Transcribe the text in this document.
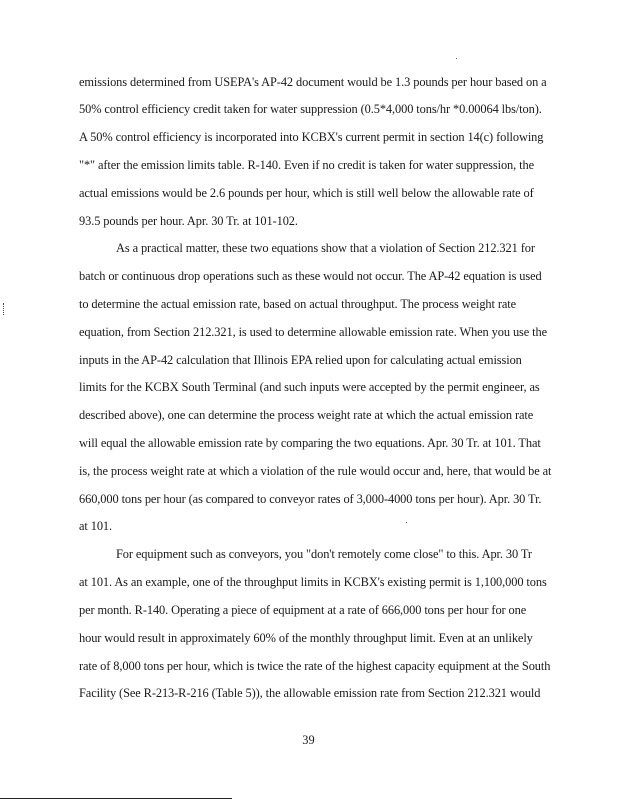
emissions determined from USEPA's AP-42 document would be 1.3 pounds per hour based on a
50% control efficiency credit taken for water suppression (0.5*4,000 tons/hr *0.00064 lbs/ton).
A 50% control efficiency is incorporated into KCBX's current permit in section 14(c) following
"*" after the emission limits table. R-140. Even if no credit is taken for water suppression, the
actual emissions would be 2.6 pounds per hour, which is still well below the allowable rate of
93.5 pounds per hour. Apr. 30 Tr. at 101-102.
As a practical matter, these two equations show that a violation of Section 212.321 for
batch or continuous drop operations such as these would not occur. The AP-42 equation is used
to determine the actual emission rate, based on actual throughput. The process weight rate
equation, from Section 212.321, is used to determine allowable emission rate. When you use the
inputs in the AP-42 calculation that Illinois EPA relied upon for calculating actual emission
limits for the KCBX South Terminal (and such inputs were accepted by the permit engineer, as
described above), one can determine the process weight rate at which the actual emission rate
will equal the allowable emission rate by comparing the two equations. Apr. 30 Tr. at 101. That
is, the process weight rate at which a violation of the rule would occur and, here, that would be at
660,000 tons per hour (as compared to conveyor rates of 3,000-4000 tons per hour). Apr. 30 Tr.
at 101.
For equipment such as conveyors, you "don't remotely come close" to this. Apr. 30 Tr
at 101. As an example, one of the throughput limits in KCBX's existing permit is 1,100,000 tons
per month. R-140. Operating a piece of equipment at a rate of 666,000 tons per hour for one
hour would result in approximately 60% of the monthly throughput limit. Even at an unlikely
rate of 8,000 tons per hour, which is twice the rate of the highest capacity equipment at the South
Facility (See R-213-R-216 (Table 5)), the allowable emission rate from Section 212.321 would
39
